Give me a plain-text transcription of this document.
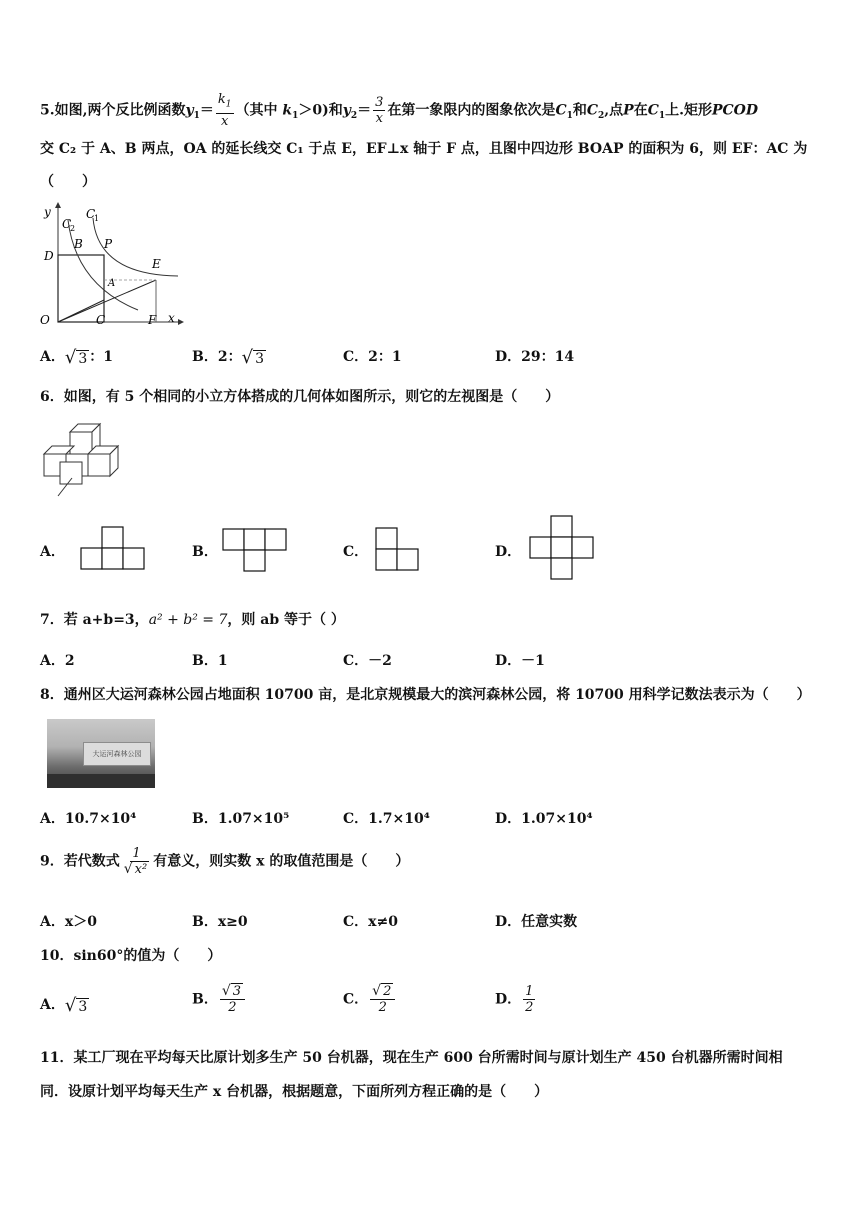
5.如图,两个反比例函数$y_1= \frac{k_1}{x}$ （其中 $k_1>0$)和$y_2= \frac{3}{x}$ 在第一象限内的图象依次是$C_1$和$C_2$,点P在$C_1$上.矩形PCOD
交 C₂ 于 A、B 两点，OA 的延长线交 C₁ 于点 E，EF⊥x 轴于 F 点，且图中四边形 BOAP 的面积为 6，则 EF：AC 为
（　　）
y
x
O	C	F
D
B P
A
E
C
2
C
1
A．√ 3 ：1	B．2：√ 3	C．2：1	D．29：14
6．如图，有 5 个相同的小立方体搭成的几何体如图所示，则它的左视图是（　　）
A．	B．	C．	D．
7．若 a+b=3，a² + b² = 7，则 ab 等于（ ）
A．2	B．1	C．－2	D．－1
8．通州区大运河森林公园占地面积 10700 亩，是北京规模最大的滨河森林公园，将 10700 用科学记数法表示为（　　）
大运河森林公园
A．10.7×10⁴	B．1.07×10⁵	C．1.7×10⁴	D．1.07×10⁴
9．若代数式 $\frac{1}{\text{√ x²}}$ 有意义，则实数 x 的取值范围是（　　）
A．x＞0	B．x≥0	C．x≠0	D．任意实数
10．sin60°的值为（　　）
A．√ 3	B． $\frac{√ 3}{2}$	C． $\frac{√ 2}{2}$	D． $\frac{1}{2}$
11．某工厂现在平均每天比原计划多生产 50 台机器，现在生产 600 台所需时间与原计划生产 450 台机器所需时间相
同．设原计划平均每天生产 x 台机器，根据题意，下面所列方程正确的是（　　）
